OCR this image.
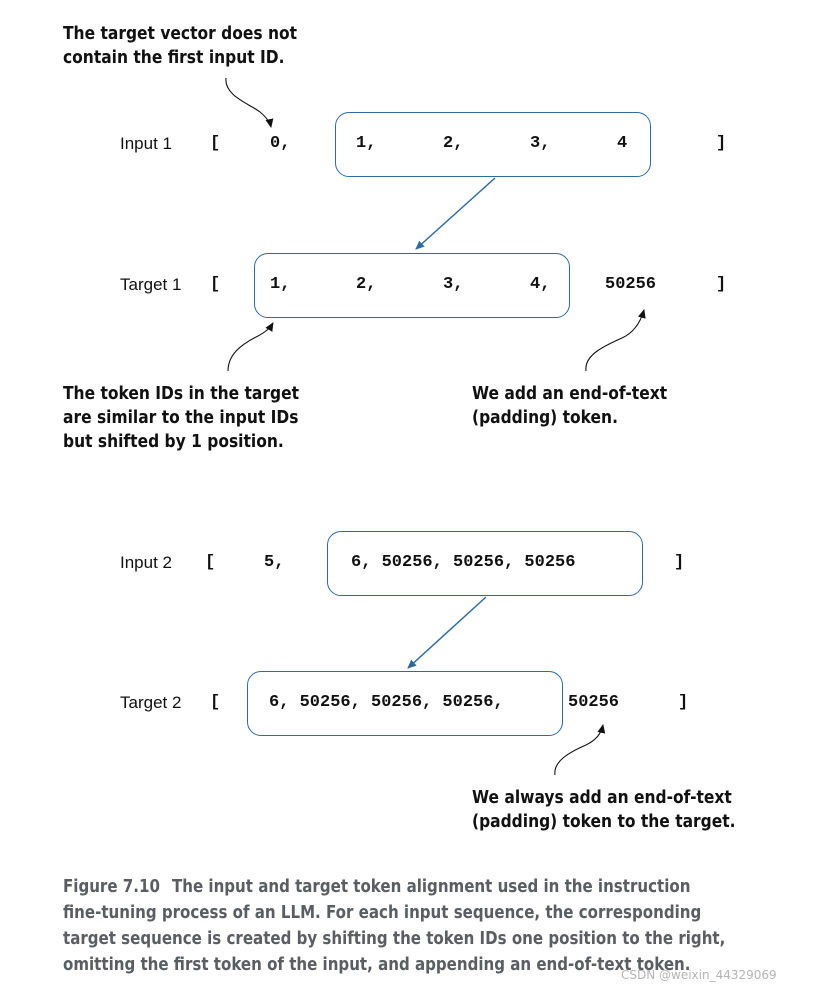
The target vector does not
contain the first input ID.
Input 1 [	0,	1,	2,	3,	4	]
Target 1 [	1,	2,	3,	4,	50256	]
The token IDs in the target
are similar to the input IDs
but shifted by 1 position.
We add an end-of-text
(padding) token.
Input 2 [	5,	6, 50256, 50256, 50256	]
Target 2 [	6, 50256, 50256, 50256,	50256	]
We always add an end-of-text
(padding) token to the target.

Figure 7.10 The input and target token alignment used in the instruction

fine-tuning process of an LLM. For each input sequence, the corresponding

target sequence is created by shifting the token IDs one position to the right,

omitting the first token of the input, and appending an end-of-text token.

CSDN @weixin_44329069
